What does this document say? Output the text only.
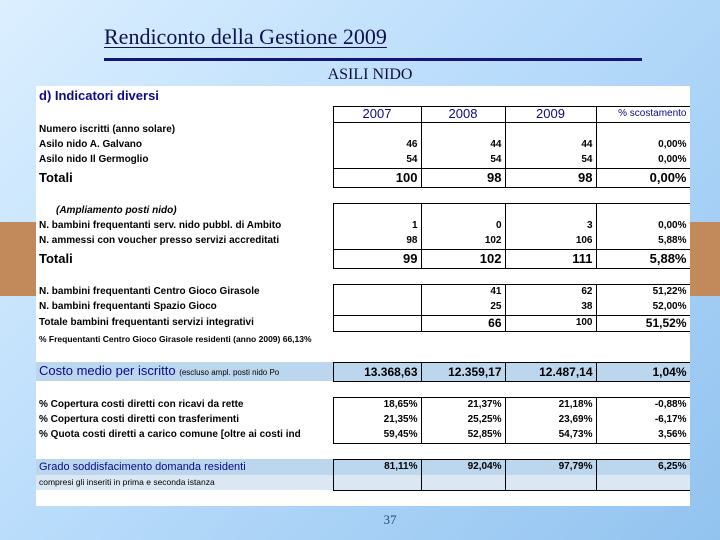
Rendiconto della Gestione 2009
ASILI NIDO
d) Indicatori diversi				
	2007	2008	2009	% scostamento
Numero iscritti (anno solare)				
Asilo nido A. Galvano	46	44	44	0,00%
Asilo nido Il Germoglio	54	54	54	0,00%
Totali	100	98	98	0,00%

(Ampliamento posti nido)				
N. bambini frequentanti serv. nido pubbl. di Ambito	1	0	3	0,00%
N. ammessi con voucher presso servizi accreditati	98	102	106	5,88%
Totali	99	102	111	5,88%

N. bambini frequentanti Centro Gioco Girasole		41	62	51,22%
N. bambini frequentanti Spazio Gioco		25	38	52,00%
Totale bambini frequentanti servizi integrativi		66	100	51,52%
% Frequentanti Centro Gioco Girasole residenti (anno 2009) 66,13%				

Costo medio per iscritto (escluso ampl. posti nido Po	13.368,63	12.359,17	12.487,14	1,04%

% Copertura costi diretti con ricavi da rette	18,65%	21,37%	21,18%	-0,88%
% Copertura costi diretti con trasferimenti	21,35%	25,25%	23,69%	-6,17%
% Quota costi diretti a carico comune [oltre ai costi ind	59,45%	52,85%	54,73%	3,56%

Grado soddisfacimento domanda residenti	81,11%	92,04%	97,79%	6,25%
compresi gli inseriti in prima e seconda istanza				
37
